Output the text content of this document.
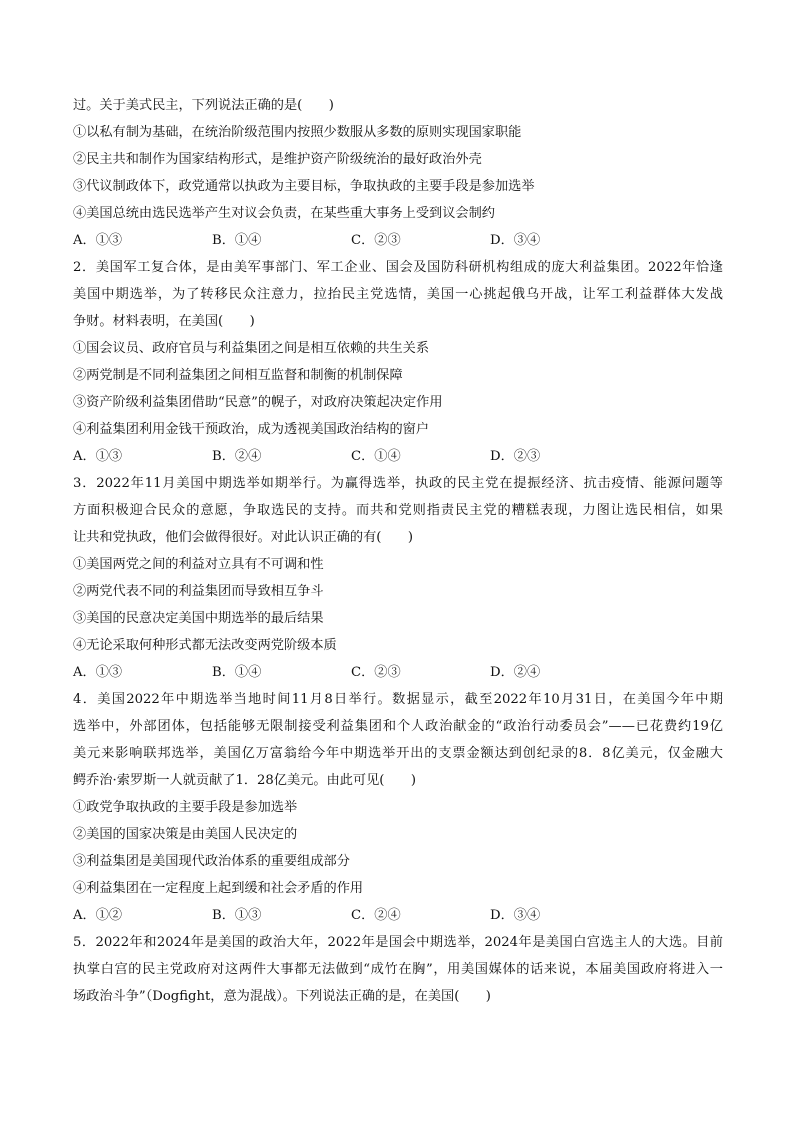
过。关于美式民主，下列说法正确的是(　　)
①以私有制为基础，在统治阶级范围内按照少数服从多数的原则实现国家职能
②民主共和制作为国家结构形式，是维护资产阶级统治的最好政治外壳
③代议制政体下，政党通常以执政为主要目标，争取执政的主要手段是参加选举
④美国总统由选民选举产生对议会负责，在某些重大事务上受到议会制约
A．①③	B．①④	C．②③	D．③④
2．美国军工复合体，是由美军事部门、军工企业、国会及国防科研机构组成的庞大利益集团。2022年恰逢
美国中期选举，为了转移民众注意力，拉抬民主党选情，美国一心挑起俄乌开战，让军工利益群体大发战
争财。材料表明，在美国(　　)
①国会议员、政府官员与利益集团之间是相互依赖的共生关系
②两党制是不同利益集团之间相互监督和制衡的机制保障
③资产阶级利益集团借助“民意”的幌子，对政府决策起决定作用
④利益集团利用金钱干预政治，成为透视美国政治结构的窗户
A．①③	B．②④	C．①④	D．②③
3．2022年11月美国中期选举如期举行。为赢得选举，执政的民主党在提振经济、抗击疫情、能源问题等
方面积极迎合民众的意愿，争取选民的支持。而共和党则指责民主党的糟糕表现，力图让选民相信，如果
让共和党执政，他们会做得很好。对此认识正确的有(　　)
①美国两党之间的利益对立具有不可调和性
②两党代表不同的利益集团而导致相互争斗
③美国的民意决定美国中期选举的最后结果
④无论采取何种形式都无法改变两党阶级本质
A．①③	B．①④	C．②③	D．②④
4．美国2022年中期选举当地时间11月8日举行。数据显示，截至2022年10月31日，在美国今年中期
选举中，外部团体，包括能够无限制接受利益集团和个人政治献金的“政治行动委员会”——已花费约19亿
美元来影响联邦选举，美国亿万富翁给今年中期选举开出的支票金额达到创纪录的8．8亿美元，仅金融大
鳄乔治·索罗斯一人就贡献了1．28亿美元。由此可见(　　)
①政党争取执政的主要手段是参加选举
②美国的国家决策是由美国人民决定的
③利益集团是美国现代政治体系的重要组成部分
④利益集团在一定程度上起到缓和社会矛盾的作用
A．①②	B．①③	C．②④	D．③④
5．2022年和2024年是美国的政治大年，2022年是国会中期选举，2024年是美国白宫选主人的大选。目前
执掌白宫的民主党政府对这两件大事都无法做到“成竹在胸”，用美国媒体的话来说，本届美国政府将进入一
场政治斗争”（Dogfight，意为混战）。下列说法正确的是，在美国(　　)
